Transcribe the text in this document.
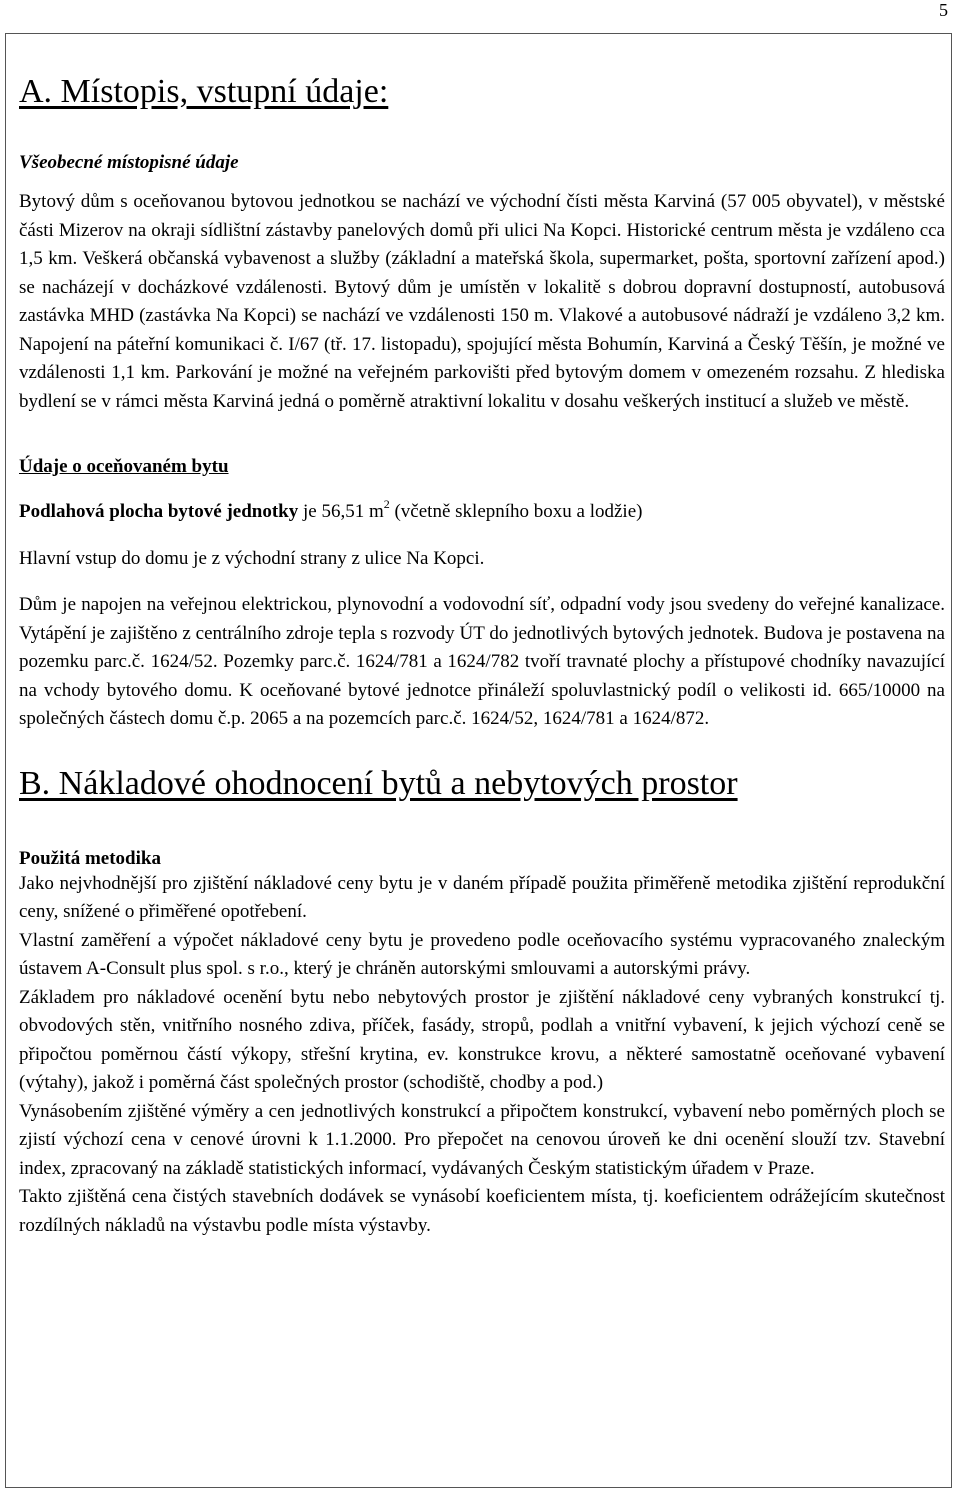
5
A. Místopis, vstupní údaje:
Všeobecné místopisné údaje

Bytový dům s oceňovanou bytovou jednotkou se nachází ve východní čísti města Karviná (57 005 obyvatel), v městské části Mizerov na okraji sídlištní zástavby panelových domů při ulici Na Kopci. Historické centrum města je vzdáleno cca 1,5 km. Veškerá občanská vybavenost a služby (základní a mateřská škola, supermarket, pošta, sportovní zařízení apod.) se nacházejí v docházkové vzdálenosti. Bytový dům je umístěn v lokalitě s dobrou dopravní dostupností, autobusová zastávka MHD (zastávka Na Kopci) se nachází ve vzdálenosti 150 m. Vlakové a autobusové nádraží je vzdáleno 3,2 km. Napojení na páteřní komunikaci č. I/67 (tř. 17. listopadu), spojující města Bohumín, Karviná a Český Těšín, je možné ve vzdálenosti 1,1 km. Parkování je možné na veřejném parkovišti před bytovým domem v omezeném rozsahu. Z hlediska bydlení se v rámci města Karviná jedná o poměrně atraktivní lokalitu v dosahu veškerých institucí a služeb ve městě.

Údaje o oceňovaném bytu

Podlahová plocha bytové jednotky je 56,51 $m^2$ (včetně sklepního boxu a lodžie)

Hlavní vstup do domu je z východní strany z ulice Na Kopci.

Dům je napojen na veřejnou elektrickou, plynovodní a vodovodní síť, odpadní vody jsou svedeny do veřejné kanalizace. Vytápění je zajištěno z centrálního zdroje tepla s rozvody ÚT do jednotlivých bytových jednotek. Budova je postavena na pozemku parc.č. 1624/52. Pozemky parc.č. 1624/781 a 1624/782 tvoří travnaté plochy a přístupové chodníky navazující na vchody bytového domu. K oceňované bytové jednotce přináleží spoluvlastnický podíl o velikosti id. 665/10000 na společných částech domu č.p. 2065 a na pozemcích parc.č. 1624/52, 1624/781 a 1624/872.

B. Nákladové ohodnocení bytů a nebytových prostor
Použitá metodika

Jako nejvhodnější pro zjištění nákladové ceny bytu je v daném případě použita přiměřeně metodika zjištění reprodukční ceny, snížené o přiměřené opotřebení.

Vlastní zaměření a výpočet nákladové ceny bytu je provedeno podle oceňovacího systému vypracovaného znaleckým ústavem A-Consult plus spol. s r.o., který je chráněn autorskými smlouvami a autorskými právy.

Základem pro nákladové ocenění bytu nebo nebytových prostor je zjištění nákladové ceny vybraných konstrukcí tj. obvodových stěn, vnitřního nosného zdiva, příček, fasády, stropů, podlah a vnitřní vybavení, k jejich výchozí ceně se připočtou poměrnou částí výkopy, střešní krytina, ev. konstrukce krovu, a některé samostatně oceňované vybavení (výtahy), jakož i poměrná část společných prostor (schodiště, chodby a pod.)

Vynásobením zjištěné výměry a cen jednotlivých konstrukcí a připočtem konstrukcí, vybavení nebo poměrných ploch se zjistí výchozí cena v cenové úrovni k 1.1.2000. Pro přepočet na cenovou úroveň ke dni ocenění slouží tzv. Stavební index, zpracovaný na základě statistických informací, vydávaných Českým statistickým úřadem v Praze.

Takto zjištěná cena čistých stavebních dodávek se vynásobí koeficientem místa, tj. koeficientem odrážejícím skutečnost rozdílných nákladů na výstavbu podle místa výstavby.
